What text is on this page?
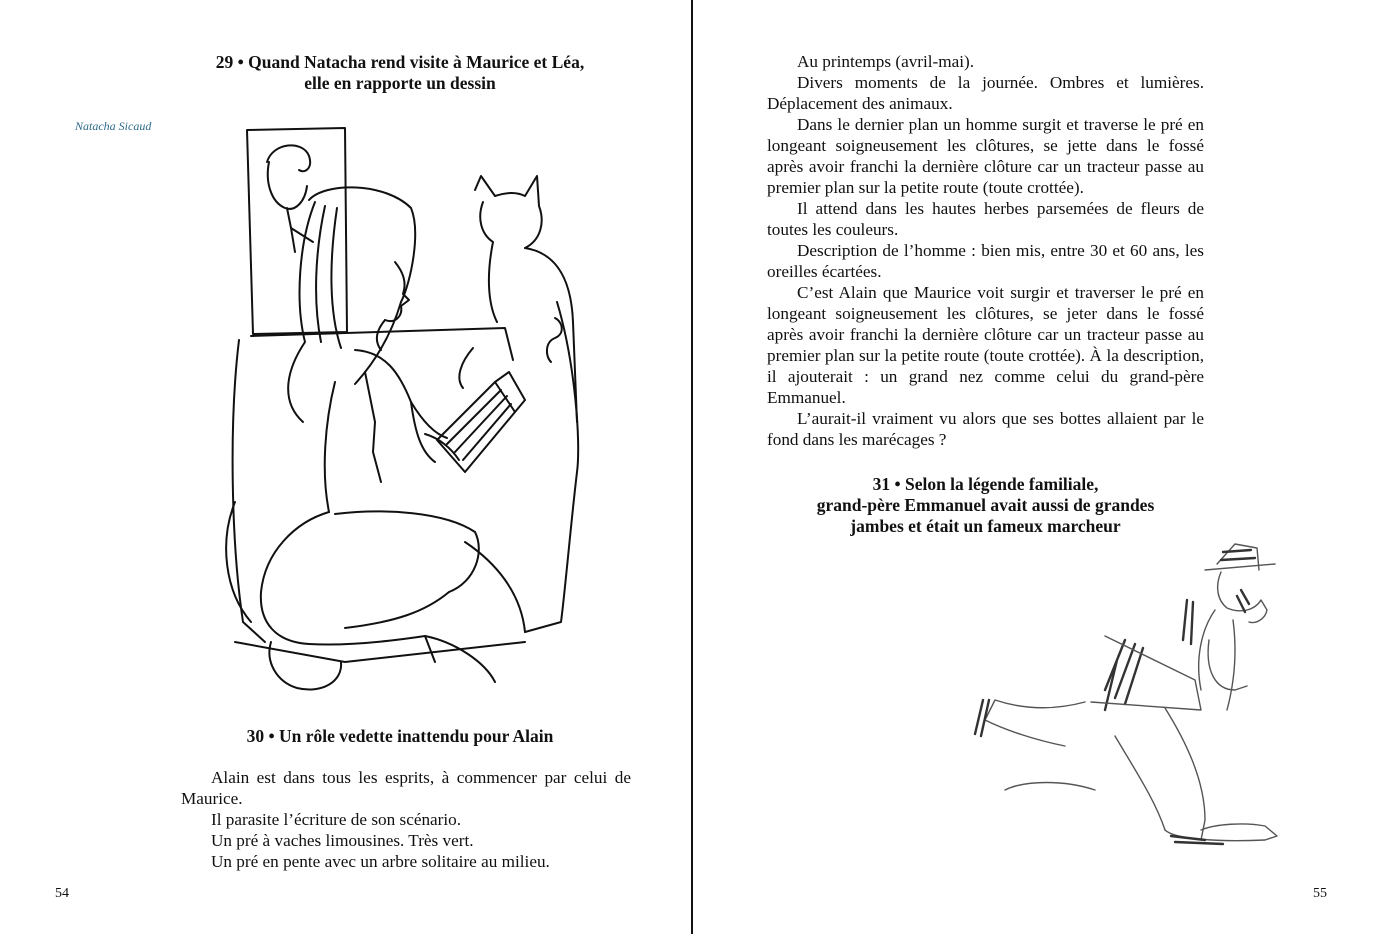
29 • Quand Natacha rend visite à Maurice et Léa,
elle en rapporte un dessin
Natacha Sicaud
30 • Un rôle vedette inattendu pour Alain

Alain est dans tous les esprits, à commencer par celui de Maurice.

Il parasite l’écriture de son scénario.

Un pré à vaches limousines. Très vert.

Un pré en pente avec un arbre solitaire au milieu.

54

Au printemps (avril-mai).

Divers moments de la journée. Ombres et lumières. Déplacement des animaux.

Dans le dernier plan un homme surgit et traverse le pré en longeant soigneusement les clôtures, se jette dans le fossé après avoir franchi la dernière clôture car un tracteur passe au premier plan sur la petite route (toute crottée).

Il attend dans les hautes herbes parsemées de fleurs de toutes les couleurs.

Description de l’homme : bien mis, entre 30 et 60 ans, les oreilles écartées.

C’est Alain que Maurice voit surgir et traverser le pré en longeant soigneusement les clôtures, se jeter dans le fossé après avoir franchi la dernière clôture car un tracteur passe au premier plan sur la petite route (toute crottée). À la description, il ajouterait : un grand nez comme celui du grand-père Emmanuel.

L’aurait-il vraiment vu alors que ses bottes allaient par le fond dans les marécages ?

31 • Selon la légende familiale,
grand-père Emmanuel avait aussi de grandes
jambes et était un fameux marcheur
55
